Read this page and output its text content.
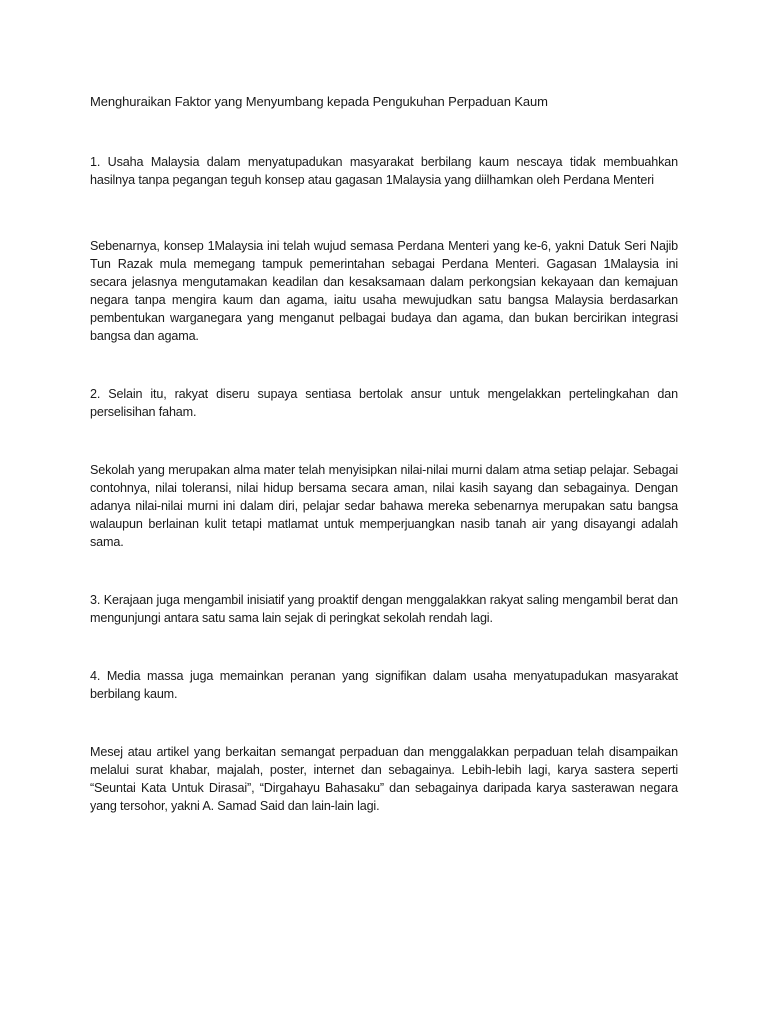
Menghuraikan Faktor yang Menyumbang kepada Pengukuhan Perpaduan Kaum

1. Usaha Malaysia dalam menyatupadukan masyarakat berbilang kaum nescaya tidak membuahkan hasilnya tanpa pegangan teguh konsep atau gagasan 1Malaysia yang diilhamkan oleh Perdana Menteri

Sebenarnya, konsep 1Malaysia ini telah wujud semasa Perdana Menteri yang ke-6, yakni Datuk Seri Najib Tun Razak mula memegang tampuk pemerintahan sebagai Perdana Menteri. Gagasan 1Malaysia ini secara jelasnya mengutamakan keadilan dan kesaksamaan dalam perkongsian kekayaan dan kemajuan negara tanpa mengira kaum dan agama, iaitu usaha mewujudkan satu bangsa Malaysia berdasarkan pembentukan warganegara yang menganut pelbagai budaya dan agama, dan bukan bercirikan integrasi bangsa dan agama.

2. Selain itu, rakyat diseru supaya sentiasa bertolak ansur untuk mengelakkan pertelingkahan dan perselisihan faham.

Sekolah yang merupakan alma mater telah menyisipkan nilai-nilai murni dalam atma setiap pelajar. Sebagai contohnya, nilai toleransi, nilai hidup bersama secara aman, nilai kasih sayang dan sebagainya. Dengan adanya nilai-nilai murni ini dalam diri, pelajar sedar bahawa mereka sebenarnya merupakan satu bangsa walaupun berlainan kulit tetapi matlamat untuk memperjuangkan nasib tanah air yang disayangi adalah sama.

3. Kerajaan juga mengambil inisiatif yang proaktif dengan menggalakkan rakyat saling mengambil berat dan mengunjungi antara satu sama lain sejak di peringkat sekolah rendah lagi.

4. Media massa juga memainkan peranan yang signifikan dalam usaha menyatupadukan masyarakat berbilang kaum.

Mesej atau artikel yang berkaitan semangat perpaduan dan menggalakkan perpaduan telah disampaikan melalui surat khabar, majalah, poster, internet dan sebagainya. Lebih-lebih lagi, karya sastera seperti “Seuntai Kata Untuk Dirasai”, “Dirgahayu Bahasaku” dan sebagainya daripada karya sasterawan negara yang tersohor, yakni A. Samad Said dan lain-lain lagi.
